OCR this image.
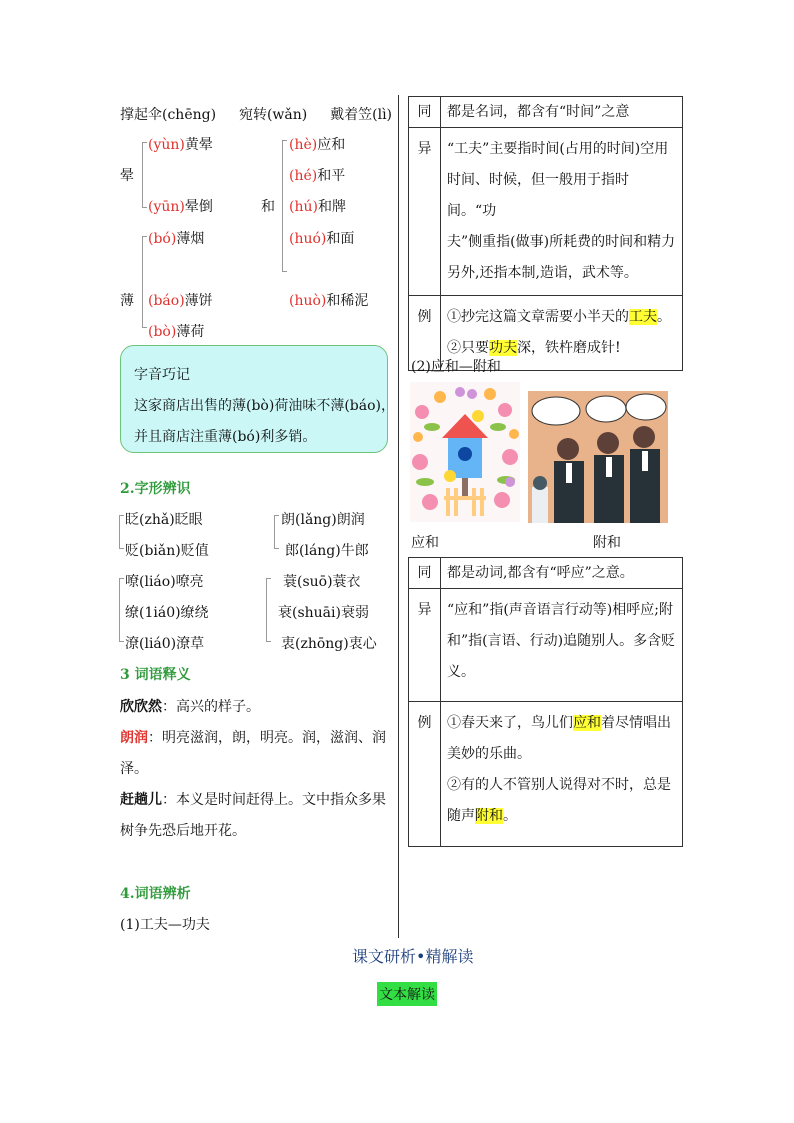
撑起伞(chēng) 宛转(wǎn) 戴着笠(lì)
晕
(yùn)黄晕
(yūn)晕倒	和
(hè)应和
(hé)和平
(hú)和牌
(huó)和面
(huò)和稀泥
薄
(bó)薄烟
(báo)薄饼
(bò)薄荷
字音巧记
这家商店出售的薄(bò)荷油味不薄(báo)，
并且商店注重薄(bó)利多销。
2.字形辨识
眨(zhǎ)眨眼
贬(biǎn)贬值
朗(lǎng)朗润
郎(láng)牛郎
嘹(liáo)嘹亮
缭(1iá0)缭绕
潦(liá0)潦草
蓑(suō)蓑衣
衰(shuāi)衰弱
衷(zhōng)衷心
3 词语释义
欣欣然：高兴的样子。
朗润：明亮滋润，朗，明亮。润，滋润、润
泽。
赶趟儿：本义是时间赶得上。文中指众多果
树争先恐后地开花。
4.词语辨析
(1)工夫—功夫
同	都是名词，都含有“时间”之意
异	“工夫”主要指时间(占用的时间)空用
时间、时候，但一般用于指时间。“功
夫”侧重指(做事)所耗费的时间和精力
另外,还指本制,造诣，武术等。

例	①抄完这篇文章需要小半天的工夫。
②只要功夫深，铁杵磨成针!
(2)应和—附和
应和	附和
同	都是动词,都含有“呼应”之意。
异	“应和”指(声音语言行动等)相呼应;附
和”指(言语、行动)追随别人。多含贬
义。

例	①春天来了，鸟儿们应和着尽情唱出
美妙的乐曲。
②有的人不管别人说得对不时，总是
随声附和。
课文研析•精解读
文本解读
